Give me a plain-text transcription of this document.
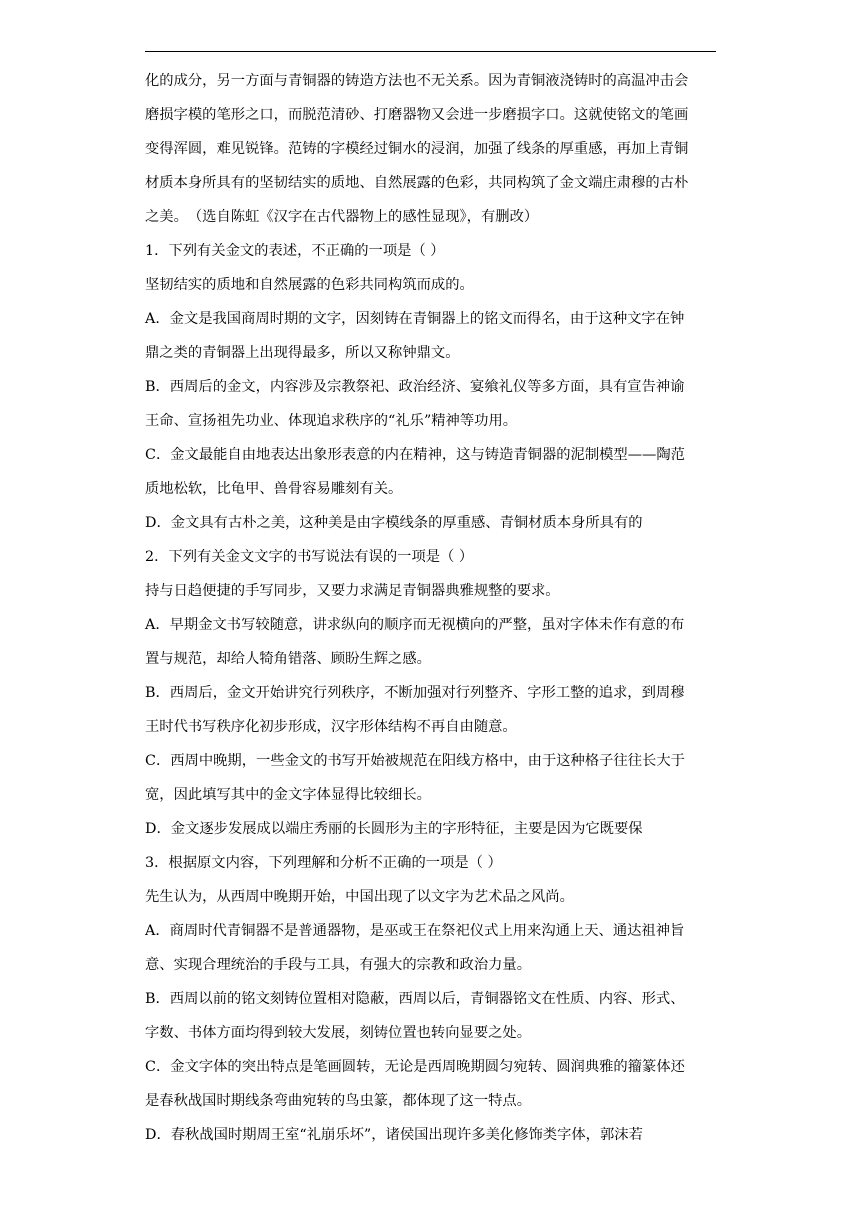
化的成分，另一方面与青铜器的铸造方法也不无关系。因为青铜液浇铸时的高温冲击会
磨损字模的笔形之口，而脱范清砂、打磨器物又会进一步磨损字口。这就使铭文的笔画
变得浑圆，难见锐锋。范铸的字模经过铜水的浸润，加强了线条的厚重感，再加上青铜
材质本身所具有的坚韧结实的质地、自然展露的色彩，共同构筑了金文端庄肃穆的古朴
之美。　（选自陈虹《汉字在古代器物上的感性显现》，有删改）
1．下列有关金文的表述，不正确的一项是（ ）
坚韧结实的质地和自然展露的色彩共同构筑而成的。
A．金文是我国商周时期的文字，因刻铸在青铜器上的铭文而得名，由于这种文字在钟
鼎之类的青铜器上出现得最多，所以又称钟鼎文。
B．西周后的金文，内容涉及宗教祭祀、政治经济、宴飨礼仪等多方面，具有宣告神谕
王命、宣扬祖先功业、体现追求秩序的“礼乐”精神等功用。
C．金文最能自由地表达出象形表意的内在精神，这与铸造青铜器的泥制模型——陶范
质地松软，比龟甲、兽骨容易雕刻有关。
D．金文具有古朴之美，这种美是由字模线条的厚重感、青铜材质本身所具有的
2．下列有关金文文字的书写说法有误的一项是（ ）
持与日趋便捷的手写同步，又要力求满足青铜器典雅规整的要求。
A．早期金文书写较随意，讲求纵向的顺序而无视横向的严整，虽对字体未作有意的布
置与规范，却给人犄角错落、顾盼生辉之感。
B．西周后，金文开始讲究行列秩序，不断加强对行列整齐、字形工整的追求，到周穆
王时代书写秩序化初步形成，汉字形体结构不再自由随意。
C．西周中晚期，一些金文的书写开始被规范在阳线方格中，由于这种格子往往长大于
宽，因此填写其中的金文字体显得比较细长。
D．金文逐步发展成以端庄秀丽的长圆形为主的字形特征，主要是因为它既要保
3．根据原文内容，下列理解和分析不正确的一项是（ ）
先生认为，从西周中晚期开始，中国出现了以文字为艺术品之风尚。
A．商周时代青铜器不是普通器物，是巫或王在祭祀仪式上用来沟通上天、通达祖神旨
意、实现合理统治的手段与工具，有强大的宗教和政治力量。
B．西周以前的铭文刻铸位置相对隐蔽，西周以后，青铜器铭文在性质、内容、形式、
字数、书体方面均得到较大发展，刻铸位置也转向显要之处。
C．金文字体的突出特点是笔画圆转，无论是西周晚期圆匀宛转、圆润典雅的籀篆体还
是春秋战国时期线条弯曲宛转的鸟虫篆，都体现了这一特点。
D．春秋战国时期周王室“礼崩乐坏”，诸侯国出现许多美化修饰类字体，郭沫若
